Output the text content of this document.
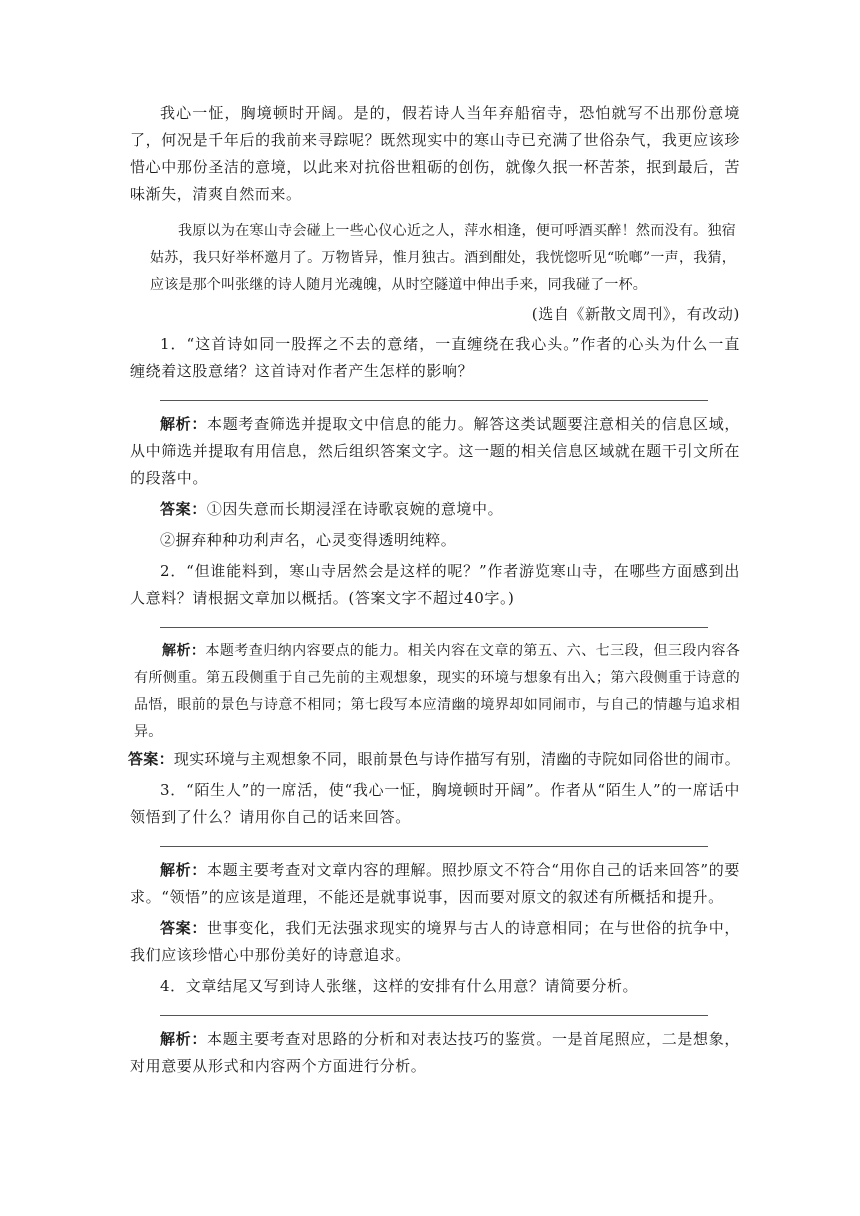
我心一怔，胸境顿时开阔。是的，假若诗人当年弃船宿寺，恐怕就写不出那份意境了，何况是千年后的我前来寻踪呢？既然现实中的寒山寺已充满了世俗杂气，我更应该珍惜心中那份圣洁的意境，以此来对抗俗世粗砺的创伤，就像久抿一杯苦茶，抿到最后，苦味渐失，清爽自然而来。

我原以为在寒山寺会碰上一些心仪心近之人，萍水相逢，便可呼酒买醉！然而没有。独宿姑苏，我只好举杯邀月了。万物皆异，惟月独古。酒到酣处，我恍惚听见“吮啷”一声，我猜，应该是那个叫张继的诗人随月光魂魄，从时空隧道中伸出手来，同我碰了一杯。

(选自《新散文周刊》，有改动)

1．“这首诗如同一股挥之不去的意绪，一直缠绕在我心头。”作者的心头为什么一直缠绕着这股意绪？这首诗对作者产生怎样的影响？

解析：本题考查筛选并提取文中信息的能力。解答这类试题要注意相关的信息区域，从中筛选并提取有用信息，然后组织答案文字。这一题的相关信息区域就在题干引文所在的段落中。

答案：①因失意而长期浸淫在诗歌哀婉的意境中。

②摒弃种种功利声名，心灵变得透明纯粹。

2．“但谁能料到，寒山寺居然会是这样的呢？”作者游览寒山寺，在哪些方面感到出人意料？请根据文章加以概括。(答案文字不超过40字。)

解析：本题考查归纳内容要点的能力。相关内容在文章的第五、六、七三段，但三段内容各有所侧重。第五段侧重于自己先前的主观想象，现实的环境与想象有出入；第六段侧重于诗意的品悟，眼前的景色与诗意不相同；第七段写本应清幽的境界却如同闹市，与自己的情趣与追求相异。

答案：现实环境与主观想象不同，眼前景色与诗作描写有别，清幽的寺院如同俗世的闹市。

3．“陌生人”的一席活，使“我心一怔，胸境顿时开阔”。作者从“陌生人”的一席话中领悟到了什么？请用你自己的话来回答。

解析：本题主要考查对文章内容的理解。照抄原文不符合“用你自己的话来回答”的要求。“领悟”的应该是道理，不能还是就事说事，因而要对原文的叙述有所概括和提升。

答案：世事变化，我们无法强求现实的境界与古人的诗意相同；在与世俗的抗争中，我们应该珍惜心中那份美好的诗意追求。

4．文章结尾又写到诗人张继，这样的安排有什么用意？请简要分析。

解析：本题主要考查对思路的分析和对表达技巧的鉴赏。一是首尾照应，二是想象，对用意要从形式和内容两个方面进行分析。
